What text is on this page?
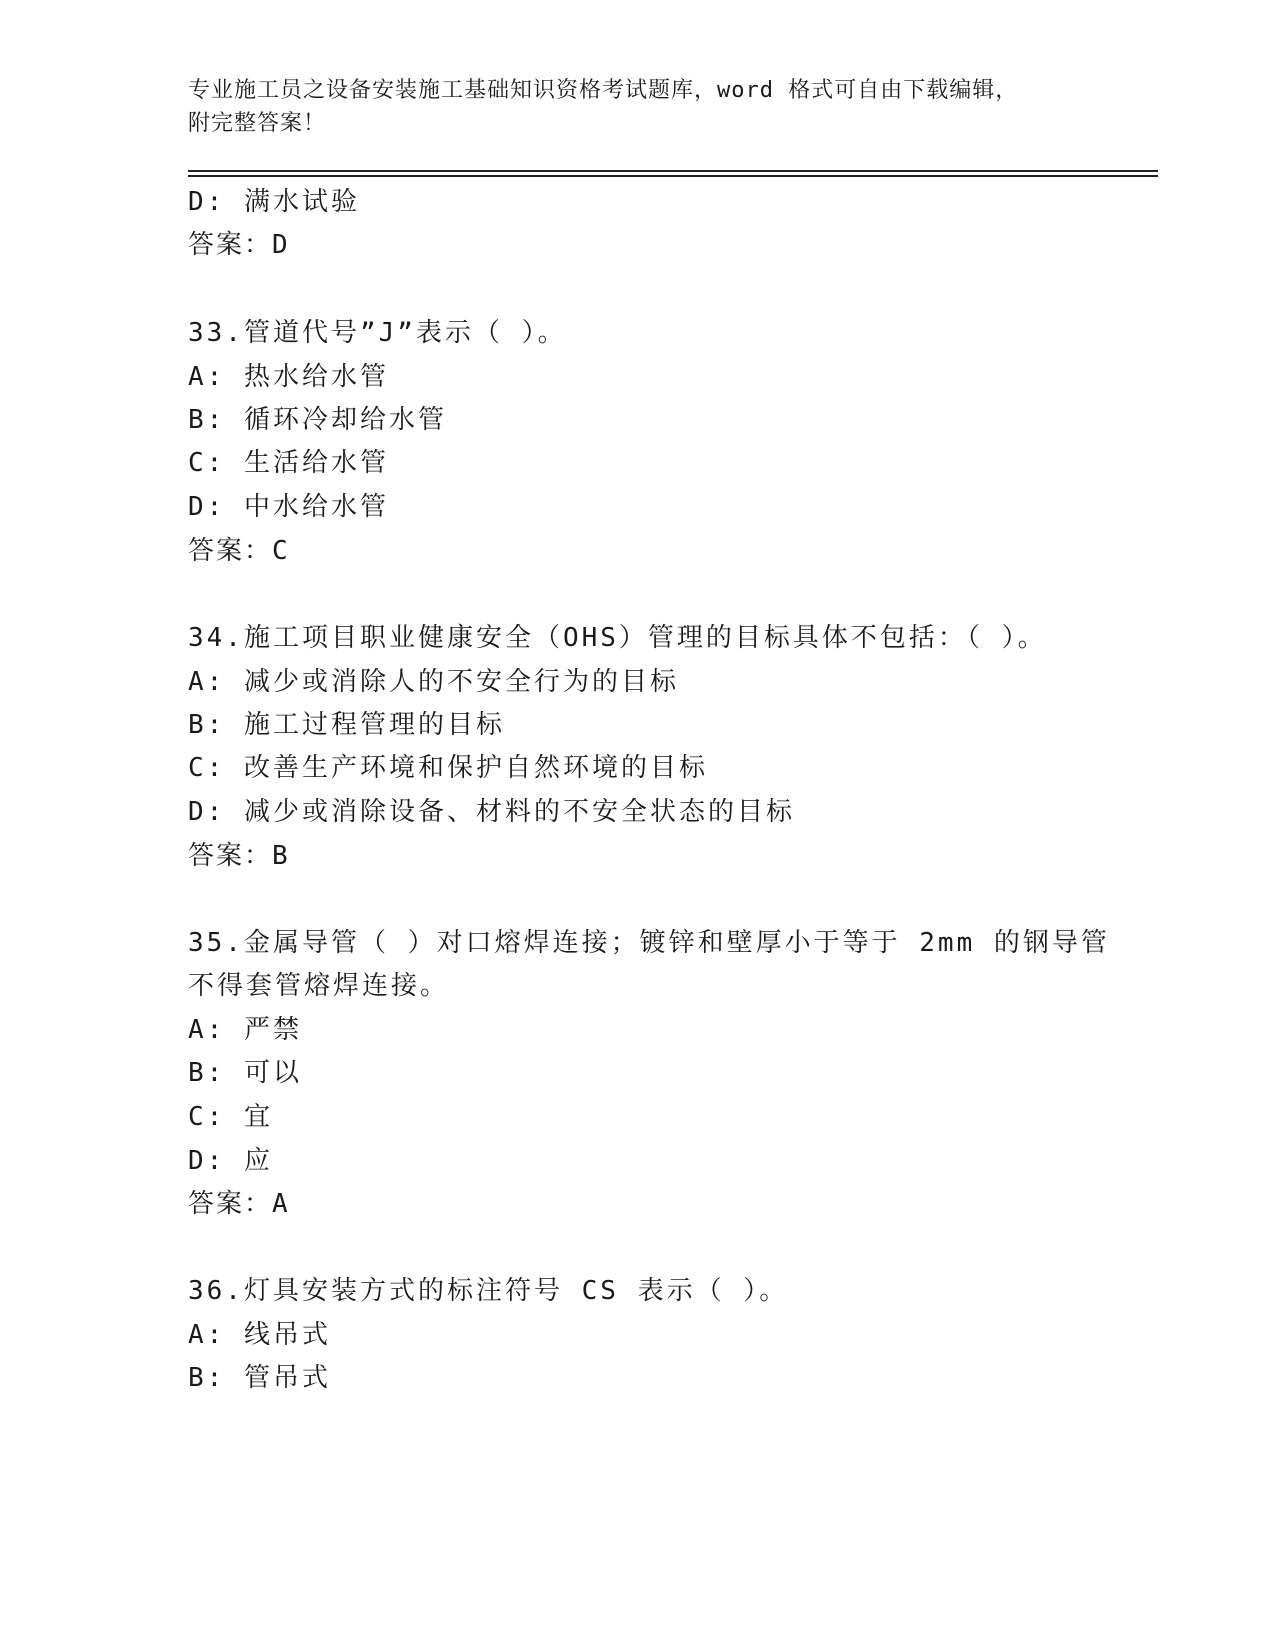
专业施工员之设备安装施工基础知识资格考试题库，word 格式可自由下载编辑，
附完整答案！
D: 满水试验
答案：D
33.管道代号”J”表示（ ）。
A: 热水给水管
B: 循环冷却给水管
C: 生活给水管
D: 中水给水管
答案：C
34.施工项目职业健康安全（OHS）管理的目标具体不包括：（ ）。
A: 减少或消除人的不安全行为的目标
B: 施工过程管理的目标
C: 改善生产环境和保护自然环境的目标
D: 减少或消除设备、材料的不安全状态的目标
答案：B
35.金属导管（ ）对口熔焊连接；镀锌和壁厚小于等于 2mm 的钢导管
不得套管熔焊连接。
A: 严禁
B: 可以
C: 宜
D: 应
答案：A
36.灯具安装方式的标注符号 CS 表示（ ）。
A: 线吊式
B: 管吊式
